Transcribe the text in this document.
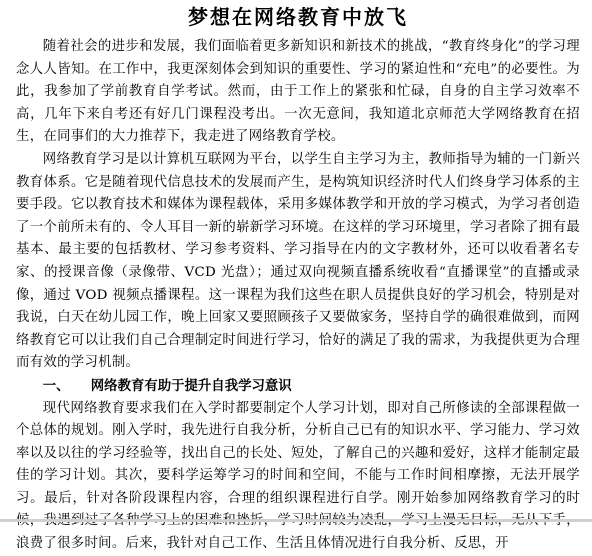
梦想在网络教育中放飞

随着社会的进步和发展，我们面临着更多新知识和新技术的挑战，“教育终身化”的学习理念人人皆知。在工作中，我更深刻体会到知识的重要性、学习的紧迫性和“充电”的必要性。为此，我参加了学前教育自学考试。然而，由于工作上的紧张和忙碌，自身的自主学习效率不高，几年下来自考还有好几门课程没考出。一次无意间，我知道北京师范大学网络教育在招生，在同事们的大力推荐下，我走进了网络教育学校。

网络教育学习是以计算机互联网为平台，以学生自主学习为主，教师指导为辅的一门新兴教育体系。它是随着现代信息技术的发展而产生，是构筑知识经济时代人们终身学习体系的主要手段。它以教育技术和媒体为课程载体，采用多媒体教学和开放的学习模式，为学习者创造了一个前所未有的、令人耳目一新的崭新学习环境。在这样的学习环境里，学习者除了拥有最基本、最主要的包括教材、学习参考资料、学习指导在内的文字教材外，还可以收看著名专家、的授课音像（录像带、VCD 光盘）；通过双向视频直播系统收看“直播课堂”的直播或录像，通过 VOD 视频点播课程。这一课程为我们这些在职人员提供良好的学习机会，特别是对我说，白天在幼儿园工作，晚上回家又要照顾孩子又要做家务，坚持自学的确很难做到，而网络教育它可以让我们自己合理制定时间进行学习，恰好的满足了我的需求，为我提供更为合理而有效的学习机制。

一、 网络教育有助于提升自我学习意识

现代网络教育要求我们在入学时都要制定个人学习计划，即对自己所修读的全部课程做一个总体的规划。刚入学时，我先进行自我分析，分析自己已有的知识水平、学习能力、学习效率以及以往的学习经验等，找出自己的长处、短处，了解自己的兴趣和爱好，这样才能制定最佳的学习计划。其次，要科学运筹学习的时间和空间，不能与工作时间相摩擦，无法开展学习。最后，针对各阶段课程内容，合理的组织课程进行自学。刚开始参加网络教育学习的时 浪费了很多时间。后来，我针对自己工作、生活且体情况进行自我分析、反思，开
